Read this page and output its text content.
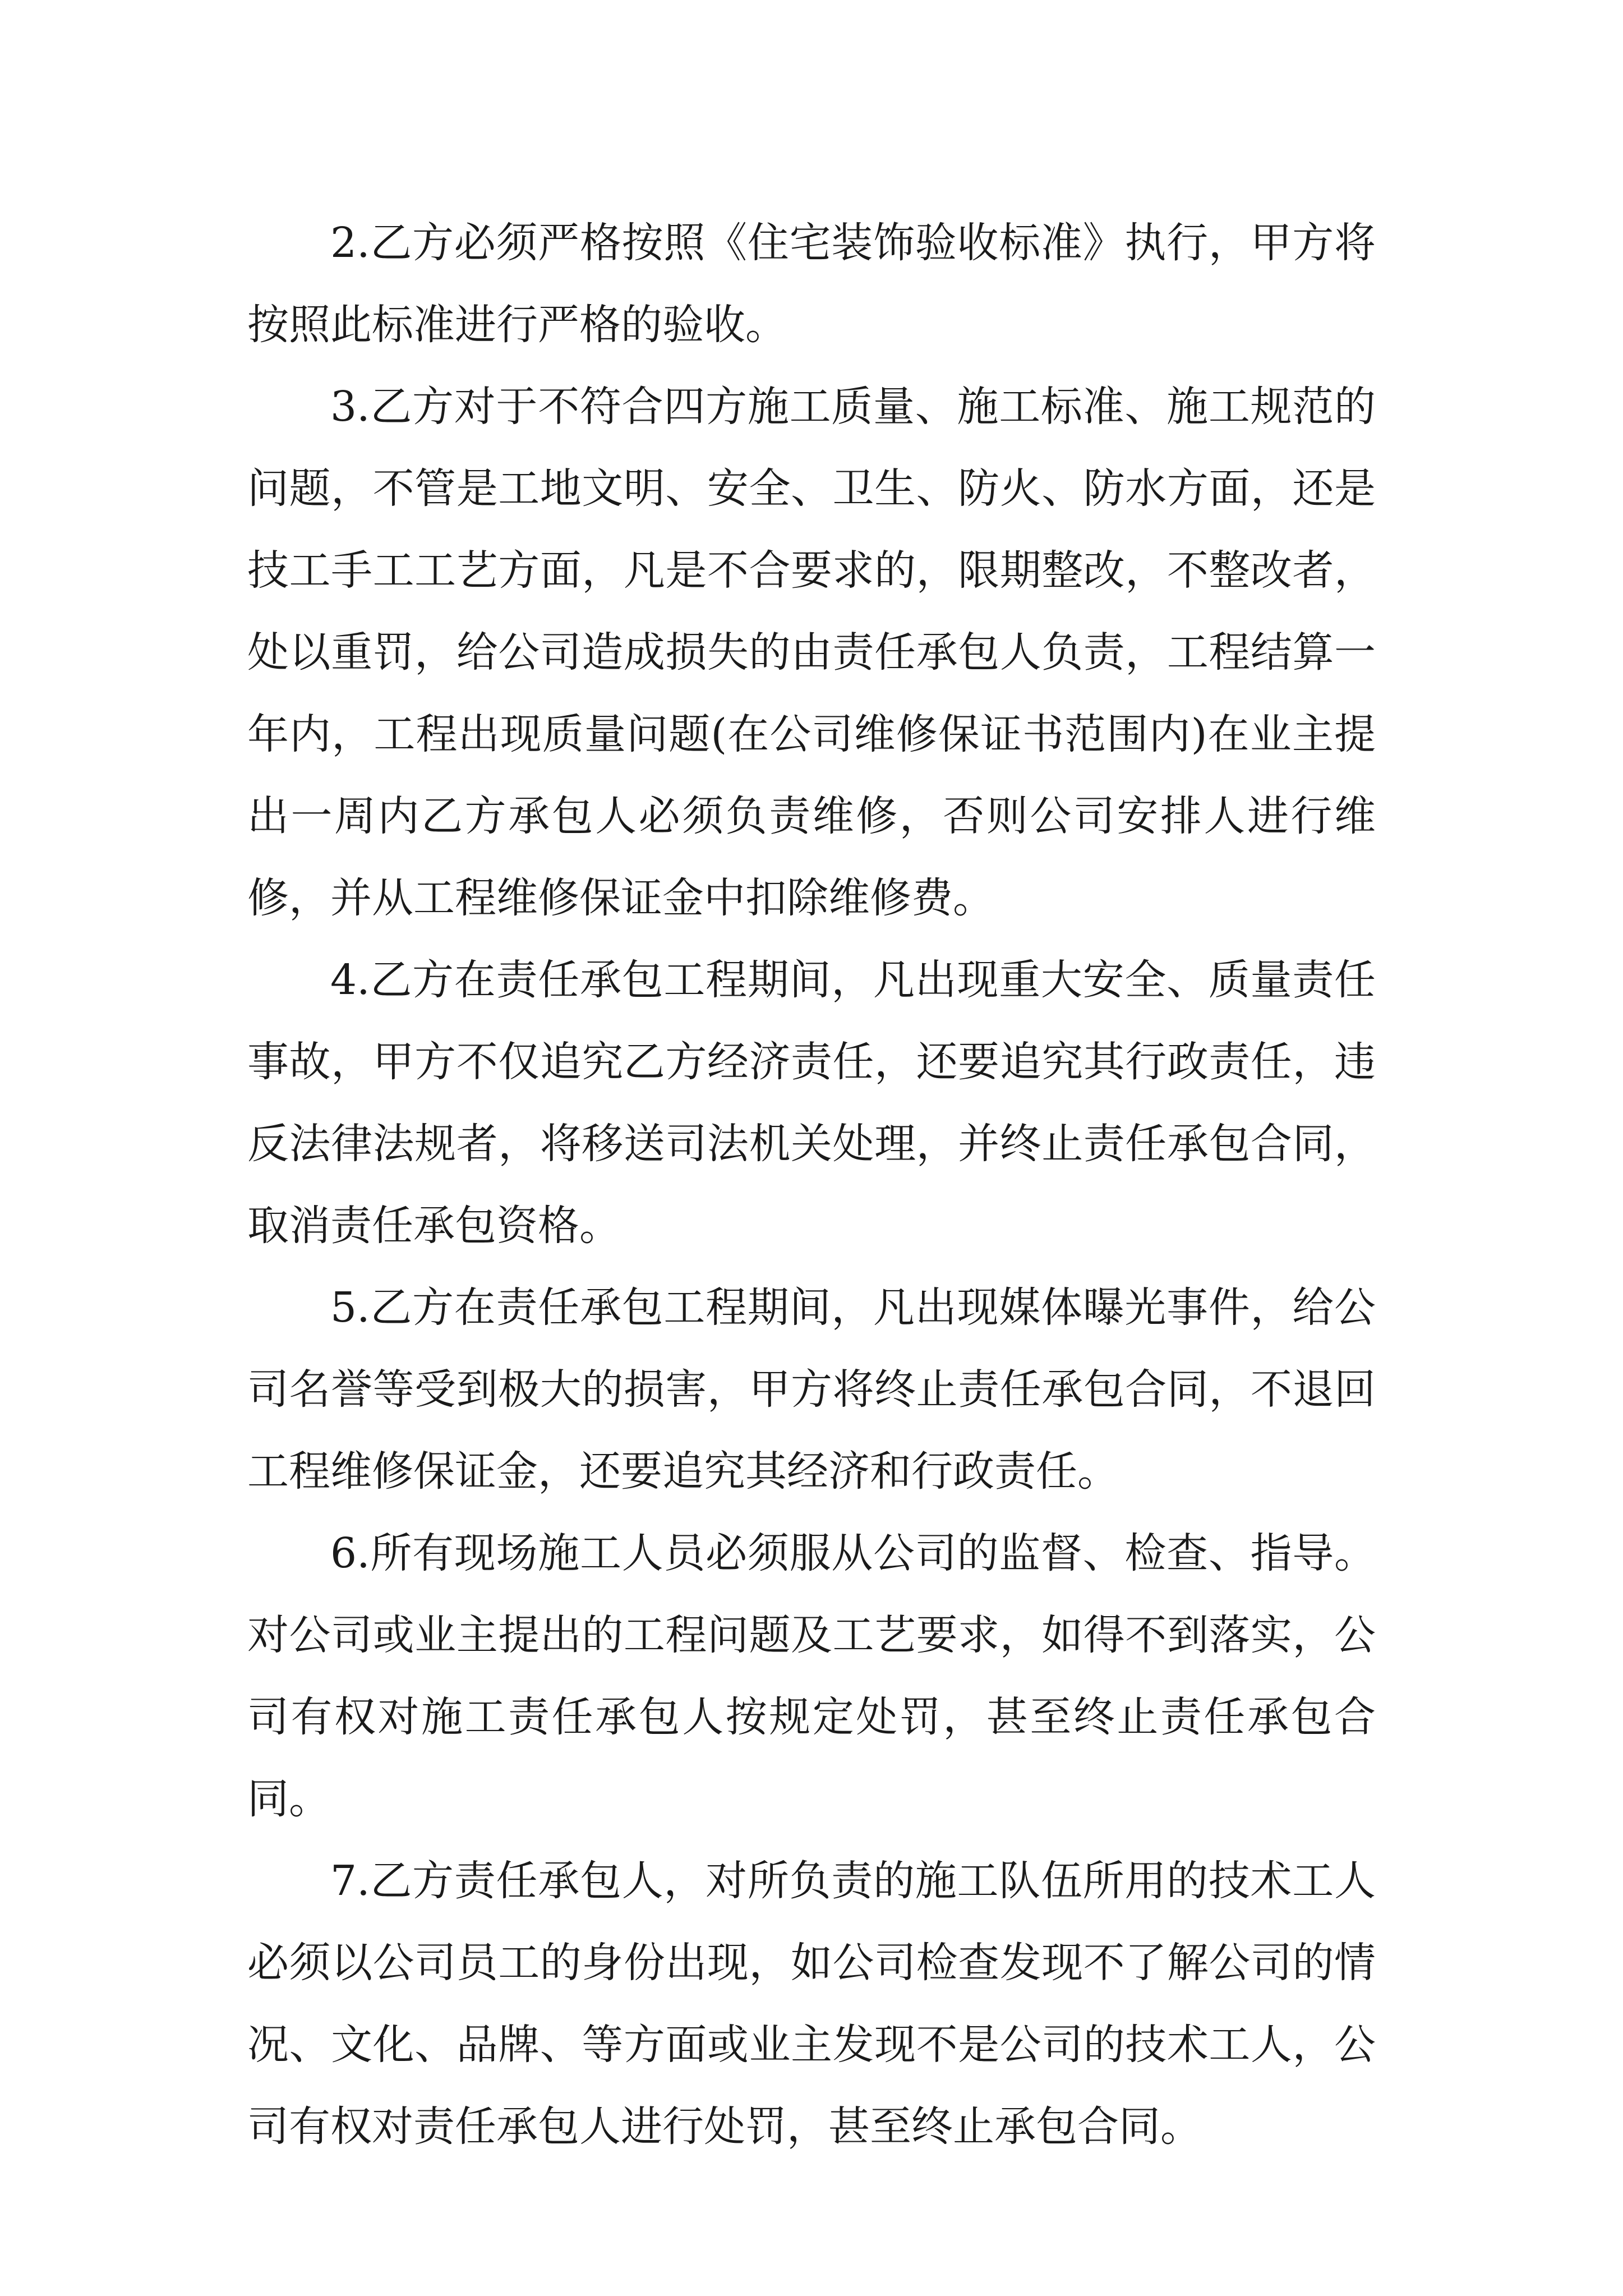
2.乙方必须严格按照《住宅装饰验收标准》执行，甲方将按照此标准进行严格的验收。

3.乙方对于不符合四方施工质量、施工标准、施工规范的问题，不管是工地文明、安全、卫生、防火、防水方面，还是技工手工工艺方面，凡是不合要求的，限期整改，不整改者，处以重罚，给公司造成损失的由责任承包人负责，工程结算一年内，工程出现质量问题(在公司维修保证书范围内)在业主提出一周内乙方承包人必须负责维修，否则公司安排人进行维修，并从工程维修保证金中扣除维修费。

4.乙方在责任承包工程期间，凡出现重大安全、质量责任事故，甲方不仅追究乙方经济责任，还要追究其行政责任，违反法律法规者，将移送司法机关处理，并终止责任承包合同，取消责任承包资格。

5.乙方在责任承包工程期间，凡出现媒体曝光事件，给公司名誉等受到极大的损害，甲方将终止责任承包合同，不退回工程维修保证金，还要追究其经济和行政责任。

6.所有现场施工人员必须服从公司的监督、检查、指导。对公司或业主提出的工程问题及工艺要求，如得不到落实，公司有权对施工责任承包人按规定处罚，甚至终止责任承包合同。

7.乙方责任承包人，对所负责的施工队伍所用的技术工人必须以公司员工的身份出现，如公司检查发现不了解公司的情况、文化、品牌、等方面或业主发现不是公司的技术工人，公司有权对责任承包人进行处罚，甚至终止承包合同。
